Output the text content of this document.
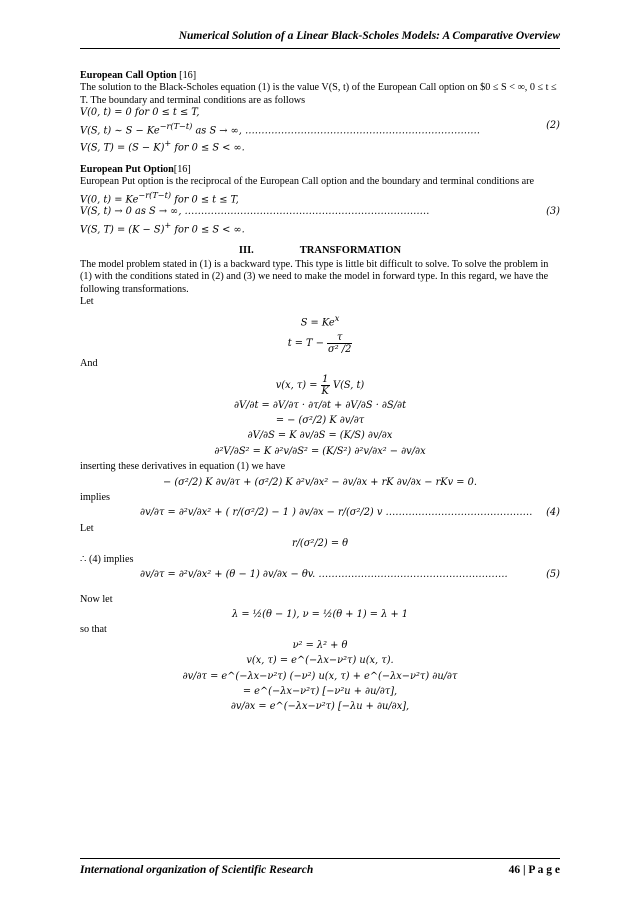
Numerical Solution of a Linear Black-Scholes Models: A Comparative Overview

European Call Option [16]

The solution to the Black-Scholes equation (1) is the value V(S, t) of the European Call option on $0 ≤ S < ∞, 0 ≤ t ≤ T. The boundary and terminal conditions are as follows

V(0, t) = 0 for 0 ≤ t ≤ T,

V(S, t) ∼ $S - Ke^{-r(T-t)}$ as S → ∞, ………………………………………………………………	(2)

V(S, T) = (S − K)+ for 0 ≤ S < ∞.

European Put Option[16]

European Put option is the reciprocal of the European Call option and the boundary and terminal conditions are

V(0, $t) = Ke^{-r(T-t)}$ for 0 ≤ t ≤ T,

V(S, t) → 0 as S → ∞, …………………………………………………………………	(3)

V(S, T) = (K − S)+ for 0 ≤ S < ∞.

III.	TRANSFORMATION

The model problem stated in (1) is a backward type. This type is little bit difficult to solve. To solve the problem in (1) with the conditions stated in (2) and (3) we need to make the model in forward type. In this regard, we have the following transformations.

Let

$S = Ke^x$
$t = T - \frac{\tau}{\text{σ² /2}}$

And

v(x, $\tau) = \frac{1}{K} V(S$, t)
∂V/∂t = ∂V/∂τ · ∂τ/∂t + ∂V/∂S · ∂S/∂t
= − (σ²/2) K ∂v/∂τ
∂V/∂S = K ∂v/∂S = (K/S) ∂v/∂x
∂²V/∂S² = K ∂²v/∂S² = (K/S²) ∂²v/∂x² − ∂v/∂x

inserting these derivatives in equation (1) we have

− (σ²/2) K ∂v/∂τ + (σ²/2) K ∂²v/∂x² − ∂v/∂x + rK ∂v/∂x − rKv = 0.

implies

∂v/∂τ = ∂²v/∂x² + ( r/(σ²/2) − 1 ) ∂v/∂x − r/(σ²/2) v ……………………………………… (4)

Let

r/(σ²/2) = θ

∴ (4) implies

∂v/∂τ = ∂²v/∂x² + (θ − 1) ∂v/∂x − θv. ………………………………………………….	(5)

Now let

λ = ½(θ − 1), ν = ½(θ + 1) = λ + 1

so that

ν² = λ² + θ
v(x, τ) = e^(−λx−ν²τ) u(x, τ).
∂v/∂τ = e^(−λx−ν²τ) (−ν²) u(x, τ) + e^(−λx−ν²τ) ∂u/∂τ
= e^(−λx−ν²τ) [−ν²u + ∂u/∂τ],
∂v/∂x = e^(−λx−ν²τ) [−λu + ∂u/∂x],
International organization of Scientific Research	46 | P a g e
